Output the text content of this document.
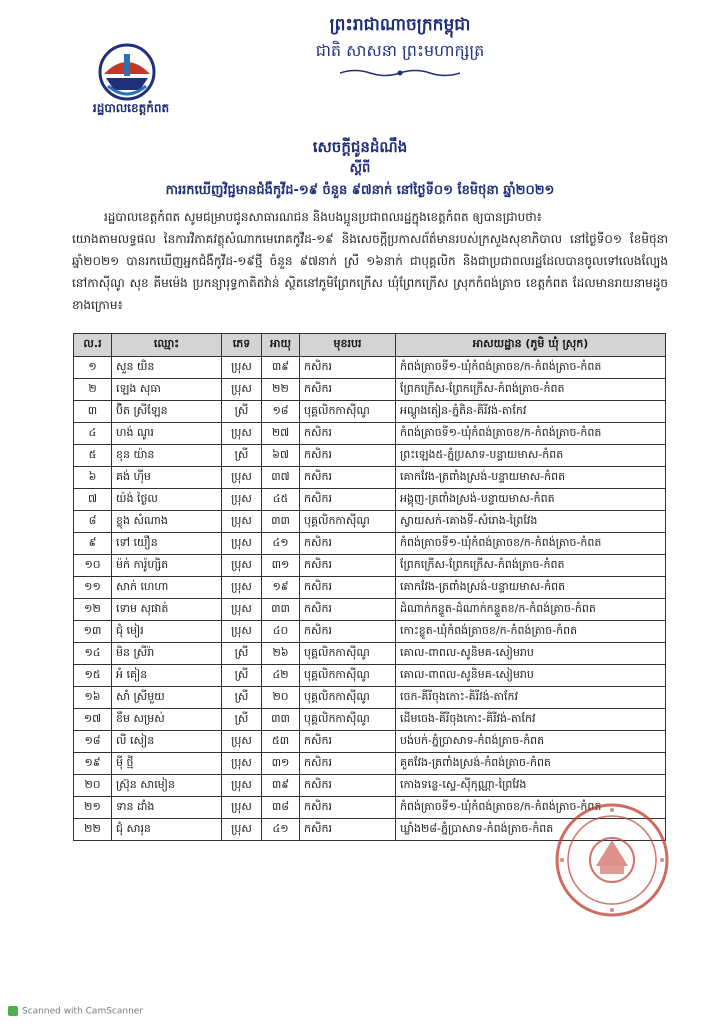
រដ្ឋបាលខេត្តកំពត
ព្រះរាជាណាចក្រកម្ពុជា
ជាតិ សាសនា ព្រះមហាក្សត្រ
សេចក្តីជូនដំណឹង
ស្តីពី
ការរកឃើញវិជ្ជមានជំងឺកូវីដ-១៩ ចំនួន ៩៧នាក់ នៅថ្ងៃទី០១ ខែមិថុនា ឆ្នាំ២០២១
រដ្ឋបាលខេត្តកំពត សូមជម្រាបជូនសាធារណជន និងបងប្អូនប្រជាពលរដ្ឋក្នុងខេត្តកំពត ឲ្យបានជ្រាបថា៖
យោងតាមលទ្ធផល នៃការវិភាគវត្ថុសំណាកមេរោគកូវីដ-១៩ និងសេចក្តីប្រកាសព័ត៌មានរបស់ក្រសួងសុខាភិបាល នៅថ្ងៃទី០១ ខែមិថុនា ឆ្នាំ២០២១ បានរកឃើញអ្នកជំងឺកូវីដ-១៩ថ្មី ចំនួន ៩៧នាក់ ស្រី ១៦នាក់ ជាបុគ្គលិក និងជាប្រជាពលរដ្ឋដែលបានចូលទៅលេងល្បែងនៅកាស៊ីណូ សុខ គីមម៉េង ប្រកន្យារុទ្ធកាតិតវ៉ាន់ ស្ថិតនៅភូមិព្រែកក្រើស ឃុំព្រែកក្រើស ស្រុកកំពង់ត្រាច ខេត្តកំពត ដែលមានរាយនាមដូចខាងក្រោម៖
ល.រ	ឈ្មោះ	ភេទ	អាយុ	មុខរបរ	អាសយដ្ឋាន (ភូមិ ឃុំ ស្រុក)
១	សួន យិន	ប្រុស	៣៩	កសិករ	កំពង់ត្រាចទី១-ឃុំកំពង់ត្រាចខ/ក-កំពង់ត្រាច-កំពត
២	ឡេង សុធា	ប្រុស	២២	កសិករ	ព្រែកក្រើស-ព្រែកក្រើស-កំពង់ត្រាច-កំពត
៣	ប៊ិត ស្រីឡែន	ស្រី	១៨	បុគ្គលិកកាស៊ីណូ	អណ្តូងតៀន-ភ្នំតិន-គិរីវង់-តាកែវ
៤	ហង់ ណូរ	ប្រុស	២៧	កសិករ	កំពង់ត្រាចទី១-ឃុំកំពង់ត្រាចខ/ក-កំពង់ត្រាច-កំពត
៥	ខុន យ៉ាន	ស្រី	៦៧	កសិករ	ព្រះឡេង៥-ភ្នំប្រសាទ-បន្ទាយមាស-កំពត
៦	គង់ ហ៊ីម	ប្រុស	៣៧	កសិករ	គោកវែង-ត្រពាំងស្រង់-បន្ទាយមាស-កំពត
៧	យ៉ង់ ថៃ្ងល	ប្រុស	៤៥	កសិករ	អង្គុញ-ត្រពាំងស្រង់-បន្ទាយមាស-កំពត
៨	ខ្លុង សំណាង	ប្រុស	៣៣	បុគ្គលិកកាស៊ីណូ	ស្វាយសក់-គោងទី-សំរោង-ព្រៃវែង
៩	ទៅ យឿន	ប្រុស	៤១	កសិករ	កំពង់ត្រាចទី១-ឃុំកំពង់ត្រាចខ/ក-កំពង់ត្រាច-កំពត
១០	ម៉ក់ ការ៉ូហ្សិត	ប្រុស	៣១	កសិករ	ព្រែកក្រើស-ព្រែកក្រើស-កំពង់ត្រាច-កំពត
១១	សាក់ ហេហា	ប្រុស	១៩	កសិករ	គោកវែង-ត្រពាំងស្រង់-បន្ទាយមាស-កំពត
១២	ទោម សុផាត់	ប្រុស	៣៣	កសិករ	ដំណាក់កន្ទួត-ដំណាក់កន្ទួតខ/ក-កំពង់ត្រាច-កំពត
១៣	ជុំ មៀរ	ប្រុស	៤០	កសិករ	កោះខ្លូត-ឃុំកំពង់ត្រាចខ/ក-កំពង់ត្រាច-កំពត
១៤	មិន ស្រីរ៉ា	ស្រី	២៦	បុគ្គលិកកាស៊ីណូ	គោល-ពាពល-សូនិមគ-សៀមរាប
១៥	អំ គៀន	ស្រី	៤២	បុគ្គលិកកាស៊ីណូ	គោល-ពាពល-សូនិមគ-សៀមរាប
១៦	សាំ ស្រីមួយ	ស្រី	២០	បុគ្គលិកកាស៊ីណូ	ចេក-គីរីចុងកោះ-គិរីវង់-តាកែវ
១៧	ខឹម សម្រស់	ស្រី	៣៣	បុគ្គលិកកាស៊ីណូ	ដើមចេង-គីរីចុងកោះ-គិរីវង់-តាកែវ
១៨	លី សៀន	ប្រុស	៥៣	កសិករ	បង់បក់-ភ្នំប្រាសាទ-កំពង់ត្រាច-កំពត
១៩	ម៉ី ថ្មី	ប្រុស	៣១	កសិករ	គួតវែង-ត្រពាំងស្រង់-កំពង់ត្រាច-កំពត
២០	ស្រ៊ុន សាមៀន	ប្រុស	៣៩	កសិករ	កោងទន្លេ-ស្ទេ-ស៊ីកុណ្ណា-ព្រៃវែង
២១	ទាន ដាំង	ប្រុស	៣៨	កសិករ	កំពង់ត្រាចទី១-ឃុំកំពង់ត្រាចខ/ក-កំពង់ត្រាច-កំពត
២២	ជុំ សារុន	ប្រុស	៤១	កសិករ	ឃ្លាំង២៨-ភ្នំប្រាសាទ-កំពង់ត្រាច-កំពត
Scanned with CamScanner
